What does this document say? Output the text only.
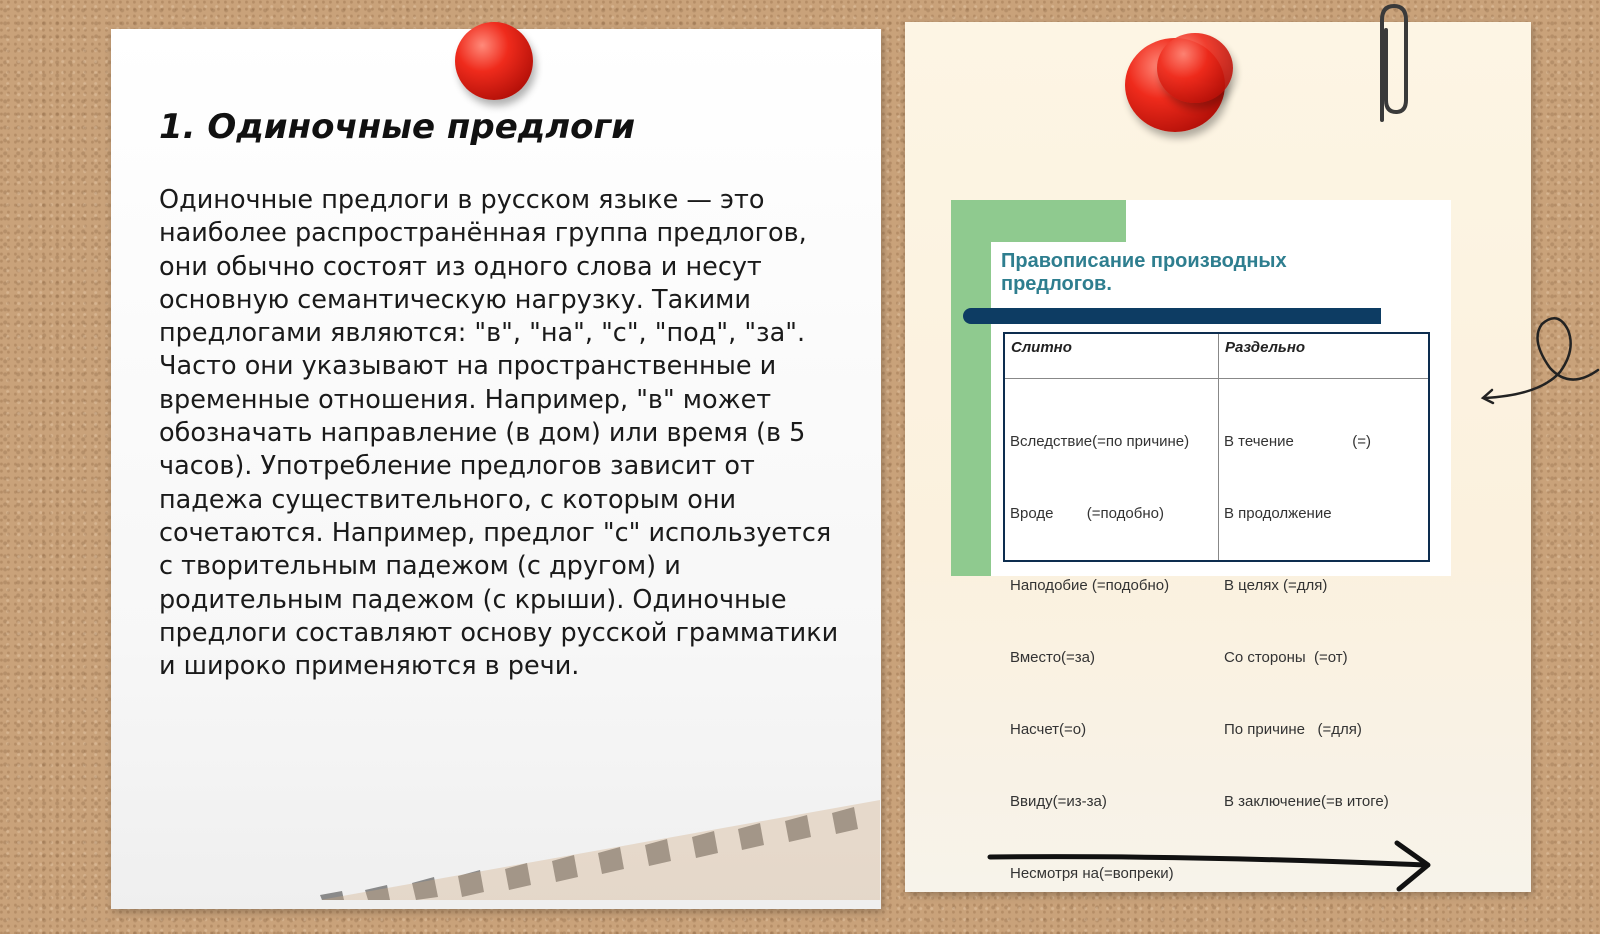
1. Одиночные предлоги

Одиночные предлоги в русском языке — это наиболее распространённая группа предлогов, они обычно состоят из одного слова и несут основную семантическую нагрузку. Такими предлогами являются: "в", "на", "с", "под", "за". Часто они указывают на пространственные и временные отношения. Например, "в" может обозначать направление (в дом) или время (в 5 часов). Употребление предлогов зависит от падежа существительного, с которым они сочетаются. Например, предлог "с" используется с творительным падежом (с другом) и родительным падежом (с крыши). Одиночные предлоги составляют основу русской грамматики и широко применяются в речи.

Правописание производных предлогов.
Слитно

Вследствие(=по причине)

Вроде        (=подобно)

Наподобие (=подобно)

Вместо(=за)

Насчет(=о)

Ввиду(=из-за)

Несмотря на(=вопреки)

Раздельно

В течение              (=)

В продолжение

В целях (=для)

Со стороны  (=от)

По причине   (=для)

В заключение(=в итоге)
